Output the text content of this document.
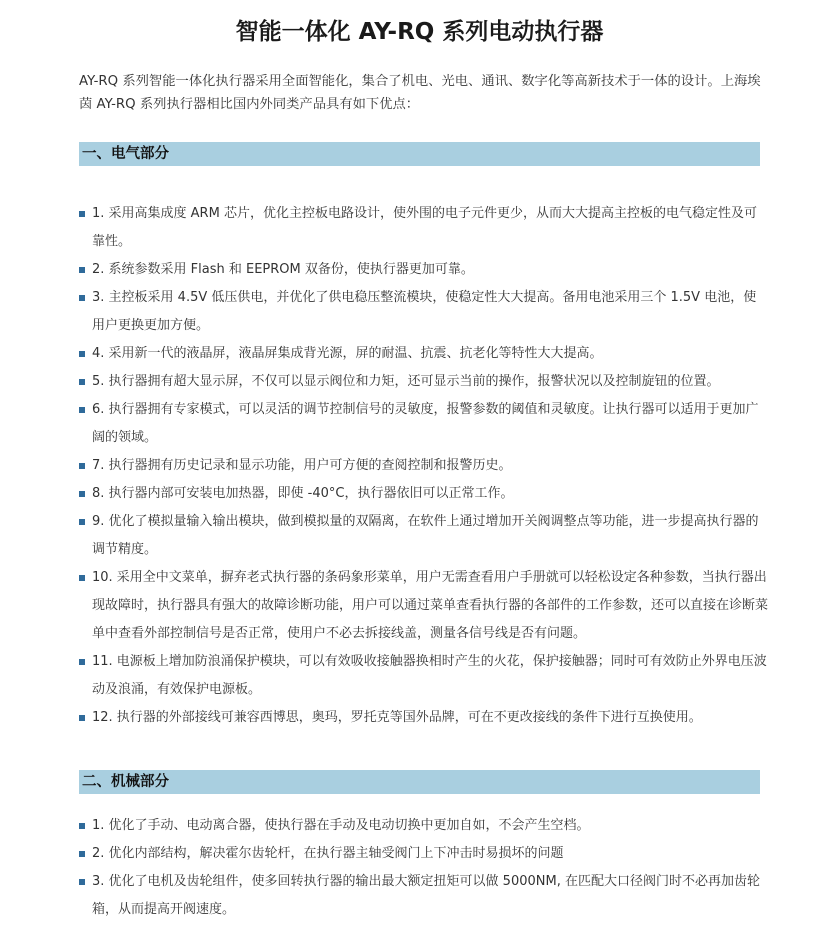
智能一体化 AY-RQ 系列电动执行器
AY-RQ 系列智能一体化执行器采用全面智能化，集合了机电、光电、通讯、数字化等高新技术于一体的设计。上海埃茵 AY-RQ 系列执行器相比国内外同类产品具有如下优点：
一、电气部分
1. 采用高集成度 ARM 芯片，优化主控板电路设计，使外围的电子元件更少，从而大大提高主控板的电气稳定性及可靠性。
2. 系统参数采用 Flash 和 EEPROM 双备份，使执行器更加可靠。
3. 主控板采用 4.5V 低压供电，并优化了供电稳压整流模块，使稳定性大大提高。备用电池采用三个 1.5V 电池，使用户更换更加方便。
4. 采用新一代的液晶屏，液晶屏集成背光源，屏的耐温、抗震、抗老化等特性大大提高。
5. 执行器拥有超大显示屏，不仅可以显示阀位和力矩，还可显示当前的操作，报警状况以及控制旋钮的位置。
6. 执行器拥有专家模式，可以灵活的调节控制信号的灵敏度，报警参数的阈值和灵敏度。让执行器可以适用于更加广阔的领域。
7. 执行器拥有历史记录和显示功能，用户可方便的查阅控制和报警历史。
8. 执行器内部可安装电加热器，即使 -40°C，执行器依旧可以正常工作。
9. 优化了模拟量输入输出模块，做到模拟量的双隔离，在软件上通过增加开关阀调整点等功能，进一步提高执行器的调节精度。
10. 采用全中文菜单，摒弃老式执行器的条码象形菜单，用户无需查看用户手册就可以轻松设定各种参数，当执行器出现故障时，执行器具有强大的故障诊断功能，用户可以通过菜单查看执行器的各部件的工作参数，还可以直接在诊断菜单中查看外部控制信号是否正常，使用户不必去拆接线盖，测量各信号线是否有问题。
11. 电源板上增加防浪涌保护模块，可以有效吸收接触器换相时产生的火花，保护接触器；同时可有效防止外界电压波动及浪涌，有效保护电源板。
12. 执行器的外部接线可兼容西博思，奥玛，罗托克等国外品牌，可在不更改接线的条件下进行互换使用。
二、机械部分
1. 优化了手动、电动离合器，使执行器在手动及电动切换中更加自如，不会产生空档。
2. 优化内部结构，解决霍尔齿轮杆，在执行器主轴受阀门上下冲击时易损坏的问题
3. 优化了电机及齿轮组件，使多回转执行器的输出最大额定扭矩可以做 5000NM, 在匹配大口径阀门时不必再加齿轮箱，从而提高开阀速度。
